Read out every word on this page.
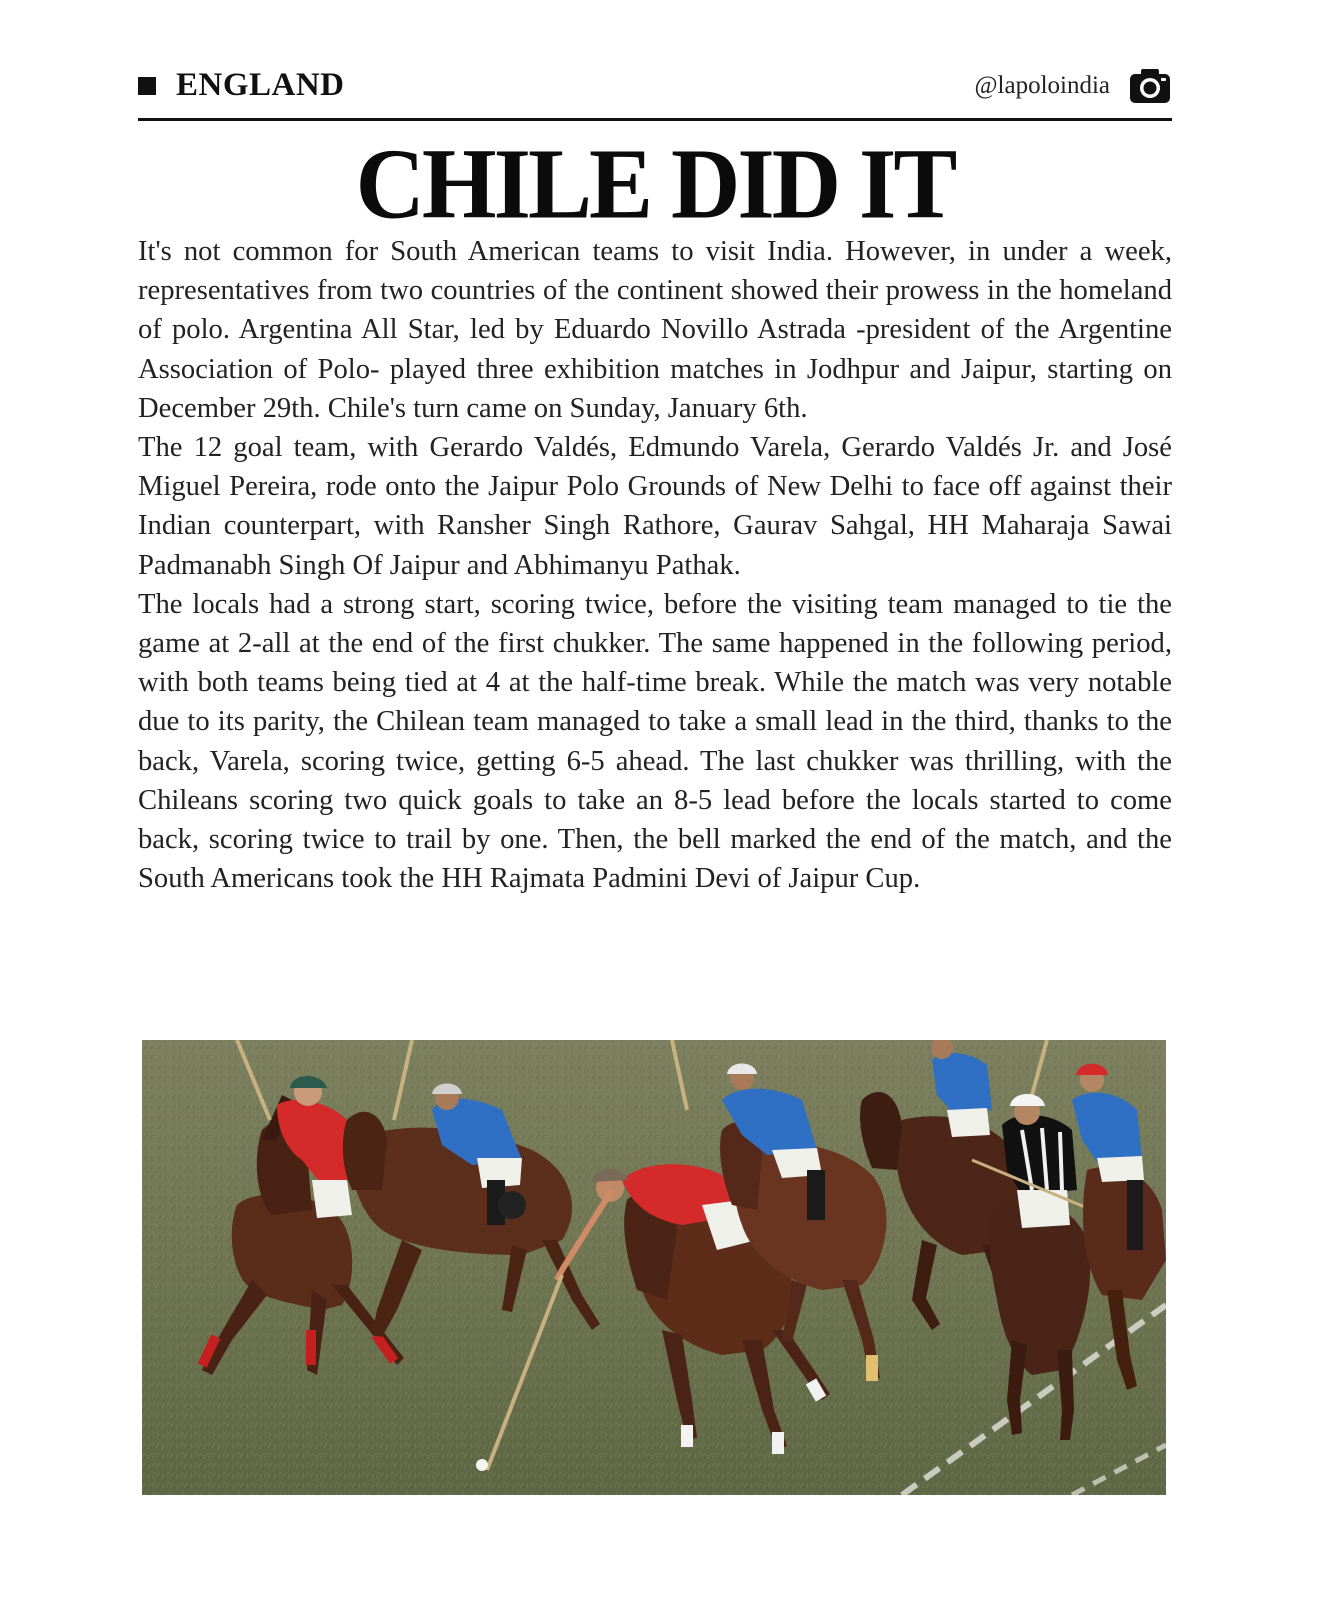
ENGLAND	@lapoloindia
CHILE DID IT

It's not common for South American teams to visit India. However, in under a week, representatives from two countries of the continent showed their prowess in the homeland of polo. Argentina All Star, led by Eduardo Novillo Astrada -president of the Argentine Association of Polo- played three exhibition matches in Jodhpur and Jaipur, starting on December 29th. Chile's turn came on Sunday, January 6th.

The 12 goal team, with Gerardo Valdés, Edmundo Varela, Gerardo Valdés Jr. and José Miguel Pereira, rode onto the Jaipur Polo Grounds of New Delhi to face off against their Indian counterpart, with Ransher Singh Rathore, Gaurav Sahgal, HH Maharaja Sawai Padmanabh Singh Of Jaipur and Abhimanyu Pathak.

The locals had a strong start, scoring twice, before the visiting team managed to tie the game at 2-all at the end of the first chukker. The same happened in the following period, with both teams being tied at 4 at the half-time break. While the match was very notable due to its parity, the Chilean team managed to take a small lead in the third, thanks to the back, Varela, scoring twice, getting 6-5 ahead. The last chukker was thrilling, with the Chileans scoring two quick goals to take an 8-5 lead before the locals started to come back, scoring twice to trail by one. Then, the bell marked the end of the match, and the South Americans took the HH Rajmata Padmini Devi of Jaipur Cup.
